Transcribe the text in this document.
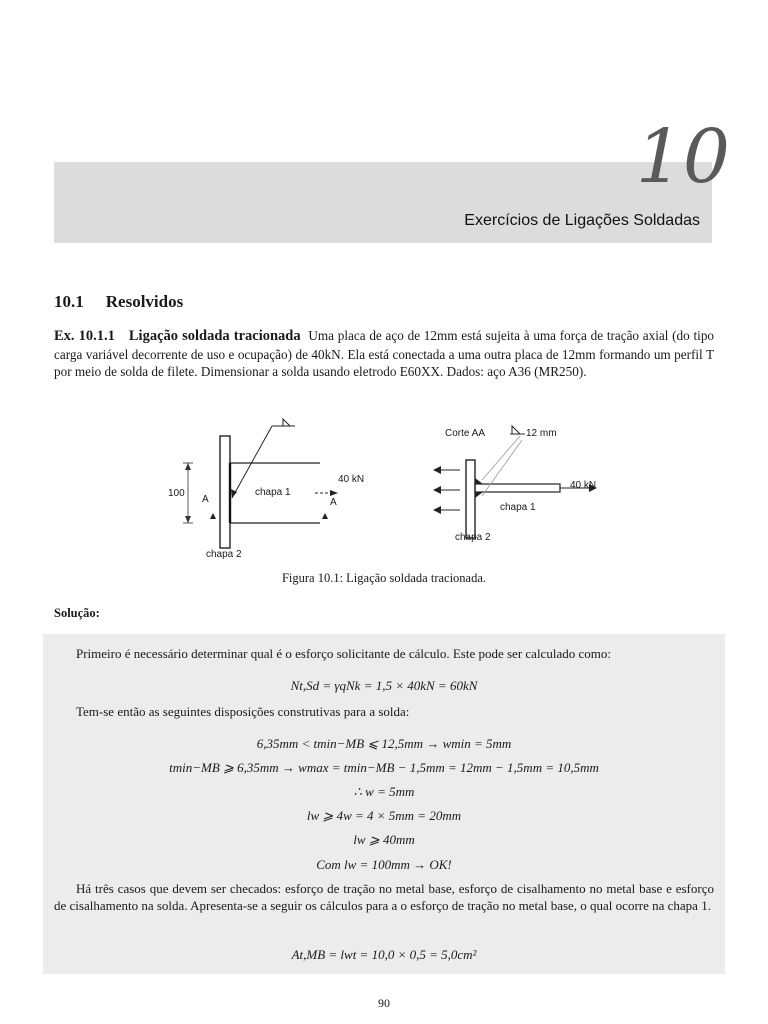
10
Exercícios de Ligações Soldadas
10.1 Resolvidos
Ex. 10.1.1 Ligação soldada tracionada Uma placa de aço de 12mm está sujeita à uma força de tração axial (do tipo carga variável decorrente de uso e ocupação) de 40kN. Ela está conectada a uma outra placa de 12mm formando um perfil T por meio de solda de filete. Dimensionar a solda usando eletrodo E60XX. Dados: aço A36 (MR250).
100
A
chapa 1
40 kN
A
chapa 2
Corte AA	12 mm
40 kN
chapa 1
chapa 2
Figura 10.1: Ligação soldada tracionada.
Solução:
Primeiro é necessário determinar qual é o esforço solicitante de cálculo. Este pode ser calculado como:
Nt,Sd = γqNk = 1,5 × 40kN = 60kN
Tem-se então as seguintes disposições construtivas para a solda:
6,35mm < tmin−MB ⩽ 12,5mm → wmin = 5mm
tmin−MB ⩾ 6,35mm → wmax = tmin−MB − 1,5mm = 12mm − 1,5mm = 10,5mm
∴ w = 5mm
lw ⩾ 4w = 4 × 5mm = 20mm
lw ⩾ 40mm
Com lw = 100mm → OK!
Há três casos que devem ser checados: esforço de tração no metal base, esforço de cisalhamento no metal base e esforço de cisalhamento na solda. Apresenta-se a seguir os cálculos para a o esforço de tração no metal base, o qual ocorre na chapa 1.
At,MB = lwt = 10,0 × 0,5 = 5,0cm²
90
